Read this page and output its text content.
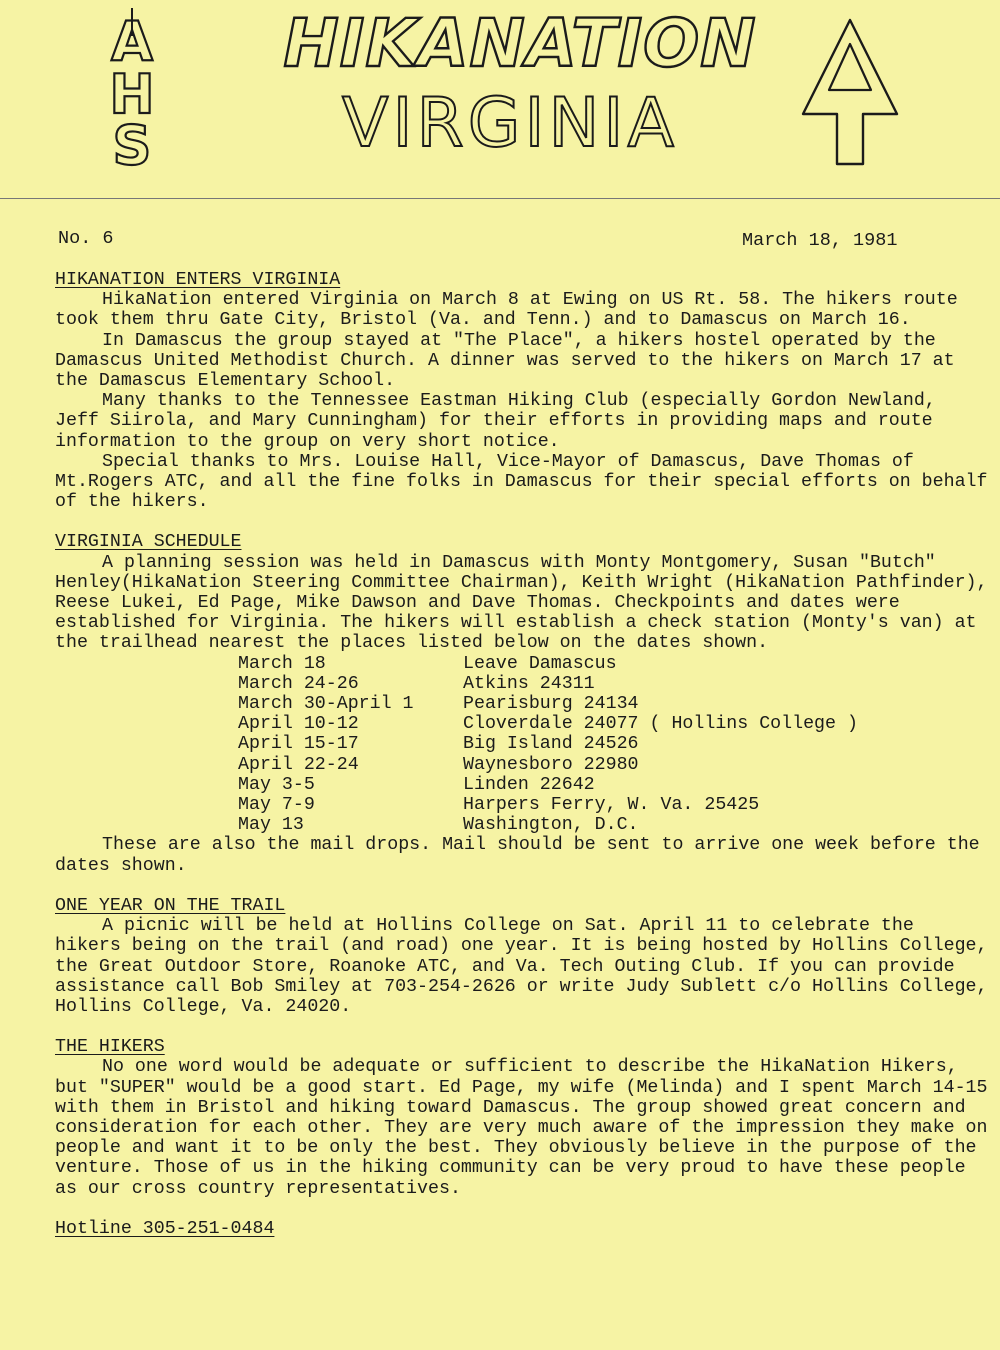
A
H
S
HIKANATION
VIRGINIA
No. 6	March 18, 1981
HIKANATION ENTERS VIRGINIA

HikaNation entered Virginia on March 8 at Ewing on US Rt. 58. The hikers route took them thru Gate City, Bristol (Va. and Tenn.) and to Damascus on March 16.

In Damascus the group stayed at "The Place", a hikers hostel operated by the Damascus United Methodist Church. A dinner was served to the hikers on March 17 at the Damascus Elementary School.

Many thanks to the Tennessee Eastman Hiking Club (especially Gordon Newland, Jeff Siirola, and Mary Cunningham) for their efforts in providing maps and route information to the group on very short notice.

Special thanks to Mrs. Louise Hall, Vice-Mayor of Damascus, Dave Thomas of Mt.Rogers ATC, and all the fine folks in Damascus for their special efforts on behalf of the hikers.

VIRGINIA SCHEDULE

A planning session was held in Damascus with Monty Montgomery, Susan "Butch" Henley(HikaNation Steering Committee Chairman), Keith Wright (HikaNation Pathfinder), Reese Lukei, Ed Page, Mike Dawson and Dave Thomas. Checkpoints and dates were established for Virginia. The hikers will establish a check station (Monty's van) at the trailhead nearest the places listed below on the dates shown.

March 18	Leave Damascus
March 24-26	Atkins 24311
March 30-April 1	Pearisburg 24134
April 10-12	Cloverdale 24077 ( Hollins College )
April 15-17	Big Island 24526
April 22-24	Waynesboro 22980
May 3-5	Linden 22642
May 7-9	Harpers Ferry, W. Va. 25425
May 13	Washington, D.C.

These are also the mail drops. Mail should be sent to arrive one week before the dates shown.

ONE YEAR ON THE TRAIL

A picnic will be held at Hollins College on Sat. April 11 to celebrate the hikers being on the trail (and road) one year. It is being hosted by Hollins College, the Great Outdoor Store, Roanoke ATC, and Va. Tech Outing Club. If you can provide assistance call Bob Smiley at 703-254-2626 or write Judy Sublett c/o Hollins College, Hollins College, Va. 24020.

THE HIKERS

No one word would be adequate or sufficient to describe the HikaNation Hikers, but "SUPER" would be a good start. Ed Page, my wife (Melinda) and I spent March 14-15 with them in Bristol and hiking toward Damascus. The group showed great concern and consideration for each other. They are very much aware of the impression they make on people and want it to be only the best. They obviously believe in the purpose of the venture. Those of us in the hiking community can be very proud to have these people as our cross country representatives.

Hotline 305-251-0484
